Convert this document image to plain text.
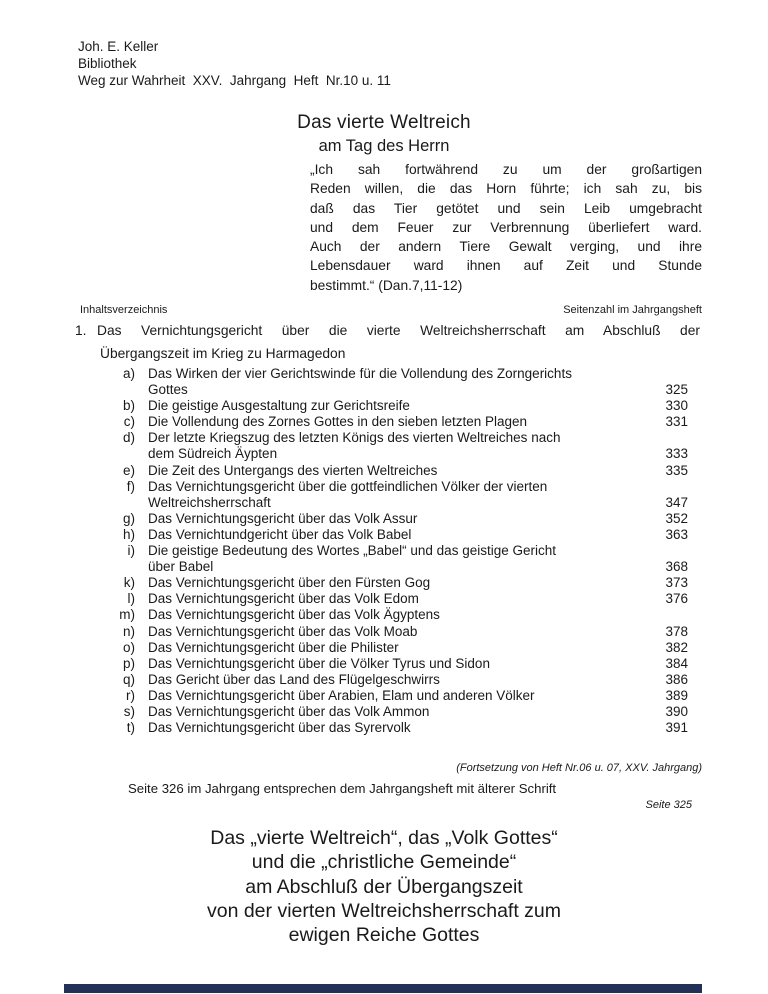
Joh. E. Keller
Bibliothek
Weg zur Wahrheit  XXV.  Jahrgang  Heft  Nr.10 u. 11
Das vierte Weltreich
am Tag des Herrn
„Ich sah fortwährend zu um der großartigen
Reden willen, die das Horn führte; ich sah zu, bis
daß das Tier getötet und sein Leib umgebracht
und dem Feuer zur Verbrennung überliefert ward.
Auch der andern Tiere Gewalt verging, und ihre
Lebensdauer ward ihnen auf Zeit und Stunde
bestimmt.“ (Dan.7,11-12)
Inhaltsverzeichnis	Seitenzahl im Jahrgangsheft
1. Das Vernichtungsgericht über die vierte Weltreichsherrschaft am Abschluß der
Übergangszeit im Krieg zu Harmagedon
a) Das Wirken der vier Gerichtswinde für die Vollendung des Zorngerichts
Gottes	325
b) Die geistige Ausgestaltung zur Gerichtsreife	330
c) Die Vollendung des Zornes Gottes in den sieben letzten Plagen	331
d) Der letzte Kriegszug des letzten Königs des vierten Weltreiches nach
dem Südreich Äypten	333
e) Die Zeit des Untergangs des vierten Weltreiches	335
f) Das Vernichtungsgericht über die gottfeindlichen Völker der vierten
Weltreichsherrschaft	347
g) Das Vernichtungsgericht über das Volk Assur	352
h) Das Vernichtundgericht über das Volk Babel	363
i) Die geistige Bedeutung des Wortes „Babel“ und das geistige Gericht
über Babel	368
k) Das Vernichtungsgericht über den Fürsten Gog	373
l) Das Vernichtungsgericht über das Volk Edom	376
m) Das Vernichtungsgericht über das Volk Ägyptens
n) Das Vernichtungsgericht über das Volk Moab	378
o) Das Vernichtungsgericht über die Philister	382
p) Das Vernichtungsgericht über die Völker Tyrus und Sidon	384
q) Das Gericht über das Land des Flügelgeschwirrs	386
r) Das Vernichtungsgericht über Arabien, Elam und anderen Völker	389
s) Das Vernichtungsgericht über das Volk Ammon	390
t) Das Vernichtungsgericht über das Syrervolk	391
(Fortsetzung von Heft Nr.06 u. 07, XXV. Jahrgang)
Seite 326 im Jahrgang entsprechen dem Jahrgangsheft mit älterer Schrift
Seite 325
Das „vierte Weltreich“, das „Volk Gottes“
und die „christliche Gemeinde“
am Abschluß der Übergangszeit
von der vierten Weltreichsherrschaft zum
ewigen Reiche Gottes
